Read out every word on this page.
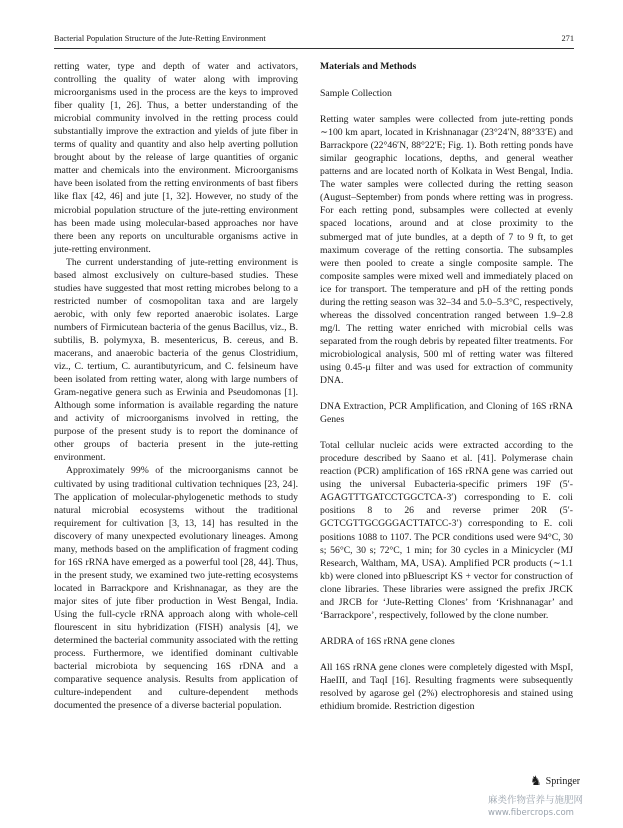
Bacterial Population Structure of the Jute-Retting Environment	271

retting water, type and depth of water and activators, controlling the quality of water along with improving microorganisms used in the process are the keys to improved fiber quality [1, 26]. Thus, a better understanding of the microbial community involved in the retting process could substantially improve the extraction and yields of jute fiber in terms of quality and quantity and also help averting pollution brought about by the release of large quantities of organic matter and chemicals into the environment. Microorganisms have been isolated from the retting environments of bast fibers like flax [42, 46] and jute [1, 32]. However, no study of the microbial population structure of the jute-retting environment has been made using molecular-based approaches nor have there been any reports on unculturable organisms active in jute-retting environment.

The current understanding of jute-retting environment is based almost exclusively on culture-based studies. These studies have suggested that most retting microbes belong to a restricted number of cosmopolitan taxa and are largely aerobic, with only few reported anaerobic isolates. Large numbers of Firmicutean bacteria of the genus Bacillus, viz., B. subtilis, B. polymyxa, B. mesentericus, B. cereus, and B. macerans, and anaerobic bacteria of the genus Clostridium, viz., C. tertium, C. aurantibutyricum, and C. felsineum have been isolated from retting water, along with large numbers of Gram-negative genera such as Erwinia and Pseudomonas [1]. Although some information is available regarding the nature and activity of microorganisms involved in retting, the purpose of the present study is to report the dominance of other groups of bacteria present in the jute-retting environment.

Approximately 99% of the microorganisms cannot be cultivated by using traditional cultivation techniques [23, 24]. The application of molecular-phylogenetic methods to study natural microbial ecosystems without the traditional requirement for cultivation [3, 13, 14] has resulted in the discovery of many unexpected evolutionary lineages. Among many, methods based on the amplification of fragment coding for 16S rRNA have emerged as a powerful tool [28, 44]. Thus, in the present study, we examined two jute-retting ecosystems located in Barrackpore and Krishnanagar, as they are the major sites of jute fiber production in West Bengal, India. Using the full-cycle rRNA approach along with whole-cell flourescent in situ hybridization (FISH) analysis [4], we determined the bacterial community associated with the retting process. Furthermore, we identified dominant cultivable bacterial microbiota by sequencing 16S rDNA and a comparative sequence analysis. Results from application of culture-independent and culture-dependent methods documented the presence of a diverse bacterial population.

Materials and Methods

Sample Collection

Retting water samples were collected from jute-retting ponds ∼100 km apart, located in Krishnanagar (23°24′N, 88°33′E) and Barrackpore (22°46′N, 88°22′E; Fig. 1). Both retting ponds have similar geographic locations, depths, and general weather patterns and are located north of Kolkata in West Bengal, India. The water samples were collected during the retting season (August–September) from ponds where retting was in progress. For each retting pond, subsamples were collected at evenly spaced locations, around and at close proximity to the submerged mat of jute bundles, at a depth of 7 to 9 ft, to get maximum coverage of the retting consortia. The subsamples were then pooled to create a single composite sample. The composite samples were mixed well and immediately placed on ice for transport. The temperature and pH of the retting ponds during the retting season was 32–34 and 5.0–5.3°C, respectively, whereas the dissolved concentration ranged between 1.9–2.8 mg/l. The retting water enriched with microbial cells was separated from the rough debris by repeated filter treatments. For microbiological analysis, 500 ml of retting water was filtered using 0.45-μ filter and was used for extraction of community DNA.

DNA Extraction, PCR Amplification, and Cloning of 16S rRNA Genes

Total cellular nucleic acids were extracted according to the procedure described by Saano et al. [41]. Polymerase chain reaction (PCR) amplification of 16S rRNA gene was carried out using the universal Eubacteria-specific primers 19F (5′-AGAGTTTGATCCTGGCTCA-3′) corresponding to E. coli positions 8 to 26 and reverse primer 20R (5′-GCTCGTTGCGGGACTTATCC-3′) corresponding to E. coli positions 1088 to 1107. The PCR conditions used were 94°C, 30 s; 56°C, 30 s; 72°C, 1 min; for 30 cycles in a Minicycler (MJ Research, Waltham, MA, USA). Amplified PCR products (∼1.1 kb) were cloned into pBluescript KS + vector for construction of clone libraries. These libraries were assigned the prefix JRCK and JRCB for ‘Jute-Retting Clones’ from ‘Krishnanagar’ and ‘Barrackpore’, respectively, followed by the clone number.

ARDRA of 16S rRNA gene clones

All 16S rRNA gene clones were completely digested with MspI, HaeIII, and TaqI [16]. Resulting fragments were subsequently resolved by agarose gel (2%) electrophoresis and stained using ethidium bromide. Restriction digestion

♞ Springer
麻类作物营养与施肥网
www.fibercrops.com
